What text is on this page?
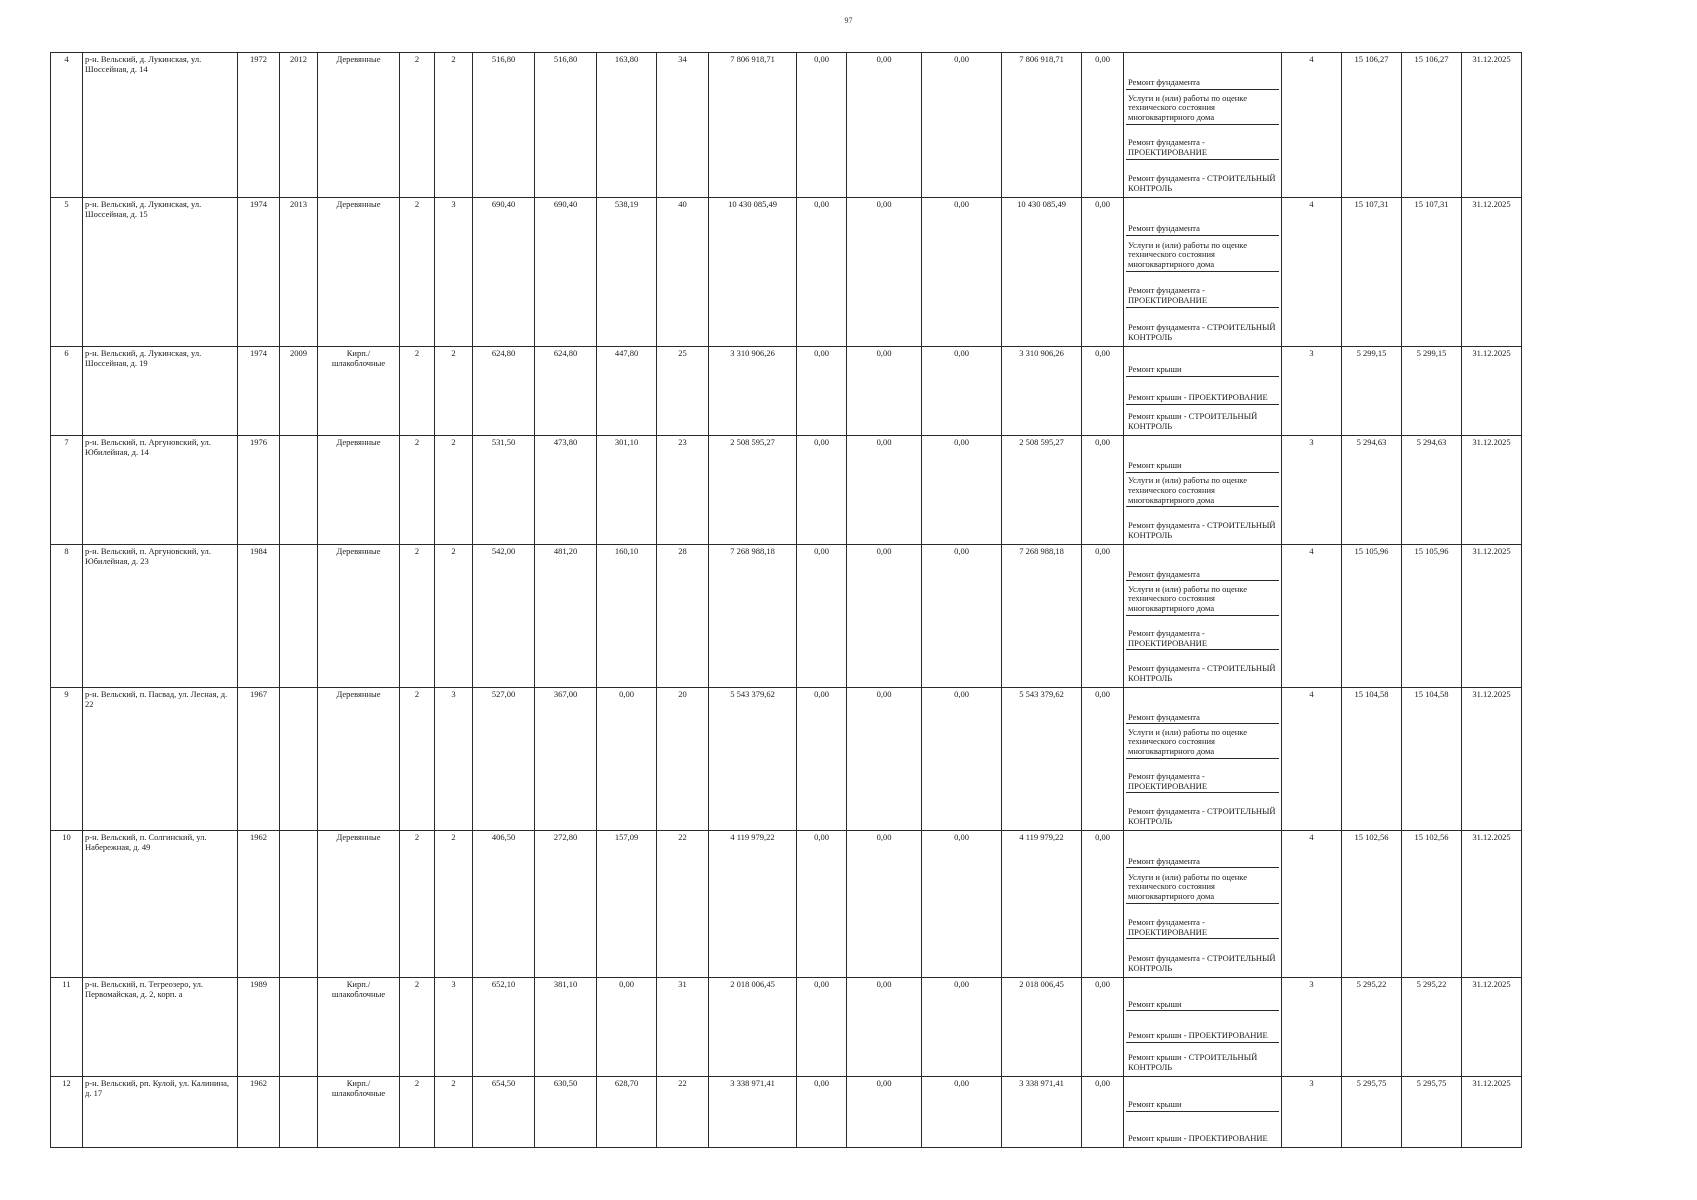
97
4	р-н. Вельский, д. Лукинская, ул. Шоссейная, д. 14	1972	2012	Деревянные	2	2	516,80	516,80	163,80	34	7 806 918,71	0,00	0,00	0,00	7 806 918,71	0,00	Ремонт фундамента
Услуги и (или) работы по оценке технического состояния многоквартирного дома
Ремонт фундамента - ПРОЕКТИРОВАНИЕ
Ремонт фундамента - СТРОИТЕЛЬНЫЙ КОНТРОЛЬ	4	15 106,27	15 106,27	31.12.2025
5	р-н. Вельский, д. Лукинская, ул. Шоссейная, д. 15	1974	2013	Деревянные	2	3	690,40	690,40	538,19	40	10 430 085,49	0,00	0,00	0,00	10 430 085,49	0,00	Ремонт фундамента
Услуги и (или) работы по оценке технического состояния многоквартирного дома
Ремонт фундамента - ПРОЕКТИРОВАНИЕ
Ремонт фундамента - СТРОИТЕЛЬНЫЙ КОНТРОЛЬ	4	15 107,31	15 107,31	31.12.2025
6	р-н. Вельский, д. Лукинская, ул. Шоссейная, д. 19	1974	2009	Кирп./ шлакоблочные	2	2	624,80	624,80	447,80	25	3 310 906,26	0,00	0,00	0,00	3 310 906,26	0,00	Ремонт крыши
Ремонт крыши - ПРОЕКТИРОВАНИЕ
Ремонт крыши - СТРОИТЕЛЬНЫЙ КОНТРОЛЬ	3	5 299,15	5 299,15	31.12.2025
7	р-н. Вельский, п. Аргуновский, ул. Юбилейная, д. 14	1976		Деревянные	2	2	531,50	473,80	301,10	23	2 508 595,27	0,00	0,00	0,00	2 508 595,27	0,00	Ремонт крыши
Услуги и (или) работы по оценке технического состояния многоквартирного дома
Ремонт фундамента - СТРОИТЕЛЬНЫЙ КОНТРОЛЬ	3	5 294,63	5 294,63	31.12.2025
8	р-н. Вельский, п. Аргуновский, ул. Юбилейная, д. 23	1984		Деревянные	2	2	542,00	481,20	160,10	28	7 268 988,18	0,00	0,00	0,00	7 268 988,18	0,00	Ремонт фундамента
Услуги и (или) работы по оценке технического состояния многоквартирного дома
Ремонт фундамента - ПРОЕКТИРОВАНИЕ
Ремонт фундамента - СТРОИТЕЛЬНЫЙ КОНТРОЛЬ	4	15 105,96	15 105,96	31.12.2025
9	р-н. Вельский, п. Пасвад, ул. Лесная, д. 22	1967		Деревянные	2	3	527,00	367,00	0,00	20	5 543 379,62	0,00	0,00	0,00	5 543 379,62	0,00	Ремонт фундамента
Услуги и (или) работы по оценке технического состояния многоквартирного дома
Ремонт фундамента - ПРОЕКТИРОВАНИЕ
Ремонт фундамента - СТРОИТЕЛЬНЫЙ КОНТРОЛЬ	4	15 104,58	15 104,58	31.12.2025
10	р-н. Вельский, п. Солгинский, ул. Набережная, д. 49	1962		Деревянные	2	2	406,50	272,80	157,09	22	4 119 979,22	0,00	0,00	0,00	4 119 979,22	0,00	Ремонт фундамента
Услуги и (или) работы по оценке технического состояния многоквартирного дома
Ремонт фундамента - ПРОЕКТИРОВАНИЕ
Ремонт фундамента - СТРОИТЕЛЬНЫЙ КОНТРОЛЬ	4	15 102,56	15 102,56	31.12.2025
11	р-н. Вельский, п. Тегреозеро, ул. Первомайская, д. 2, корп. а	1989		Кирп./ шлакоблочные	2	3	652,10	381,10	0,00	31	2 018 006,45	0,00	0,00	0,00	2 018 006,45	0,00	Ремонт крыши
Ремонт крыши - ПРОЕКТИРОВАНИЕ
Ремонт крыши - СТРОИТЕЛЬНЫЙ КОНТРОЛЬ	3	5 295,22	5 295,22	31.12.2025
12	р-н. Вельский, рп. Кулой, ул. Калинина, д. 17	1962		Кирп./ шлакоблочные	2	2	654,50	630,50	628,70	22	3 338 971,41	0,00	0,00	0,00	3 338 971,41	0,00	Ремонт крыши
Ремонт крыши - ПРОЕКТИРОВАНИЕ	3	5 295,75	5 295,75	31.12.2025
